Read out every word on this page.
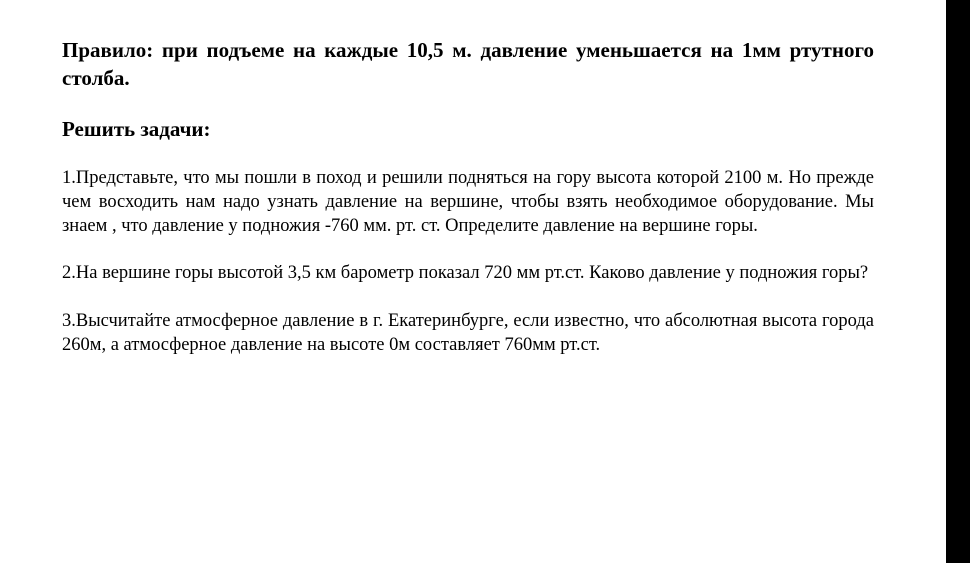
Правило: при подъеме на каждые 10,5 м. давление уменьшается на 1мм ртутного столба.

Решить задачи:

1.Представьте, что мы пошли в поход и решили подняться на гору высота которой 2100 м. Но прежде чем восходить нам надо узнать давление на вершине, чтобы взять необходимое оборудование. Мы знаем , что давление у подножия -760 мм. рт. ст. Определите давление на вершине горы.

2.На вершине горы высотой 3,5 км барометр показал 720 мм рт.ст. Каково давление у подножия горы?

3.Высчитайте атмосферное давление в г. Екатеринбурге, если известно, что абсолютная высота города 260м, а атмосферное давление на высоте 0м составляет 760мм рт.ст.
